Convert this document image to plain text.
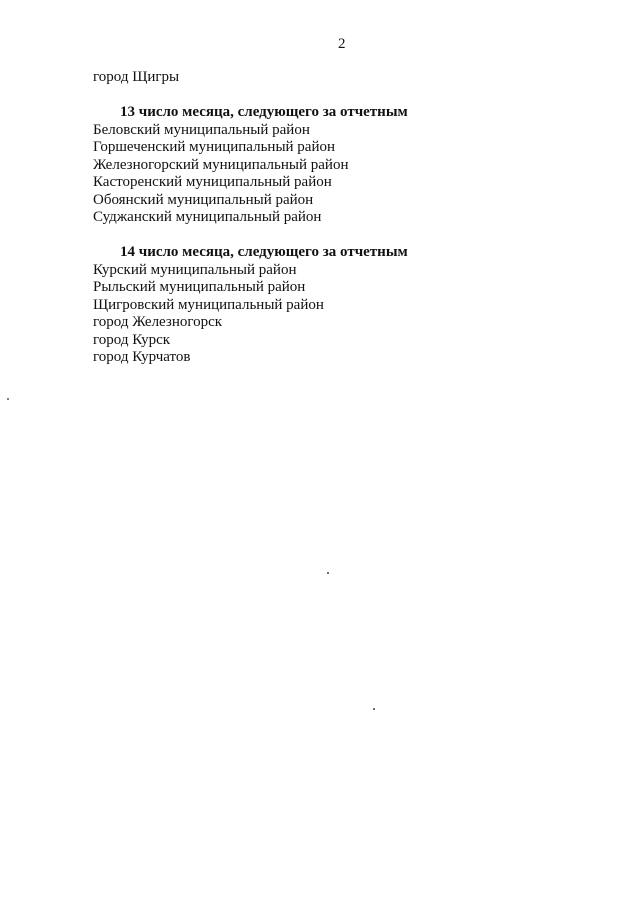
2
город Щигры
13 число месяца, следующего за отчетным
Беловский муниципальный район
Горшеченский муниципальный район
Железногорский муниципальный район
Касторенский муниципальный район
Обоянский муниципальный район
Суджанский муниципальный район
14 число месяца, следующего за отчетным
Курский муниципальный район
Рыльский муниципальный район
Щигровский муниципальный район
город Железногорск
город Курск
город Курчатов
